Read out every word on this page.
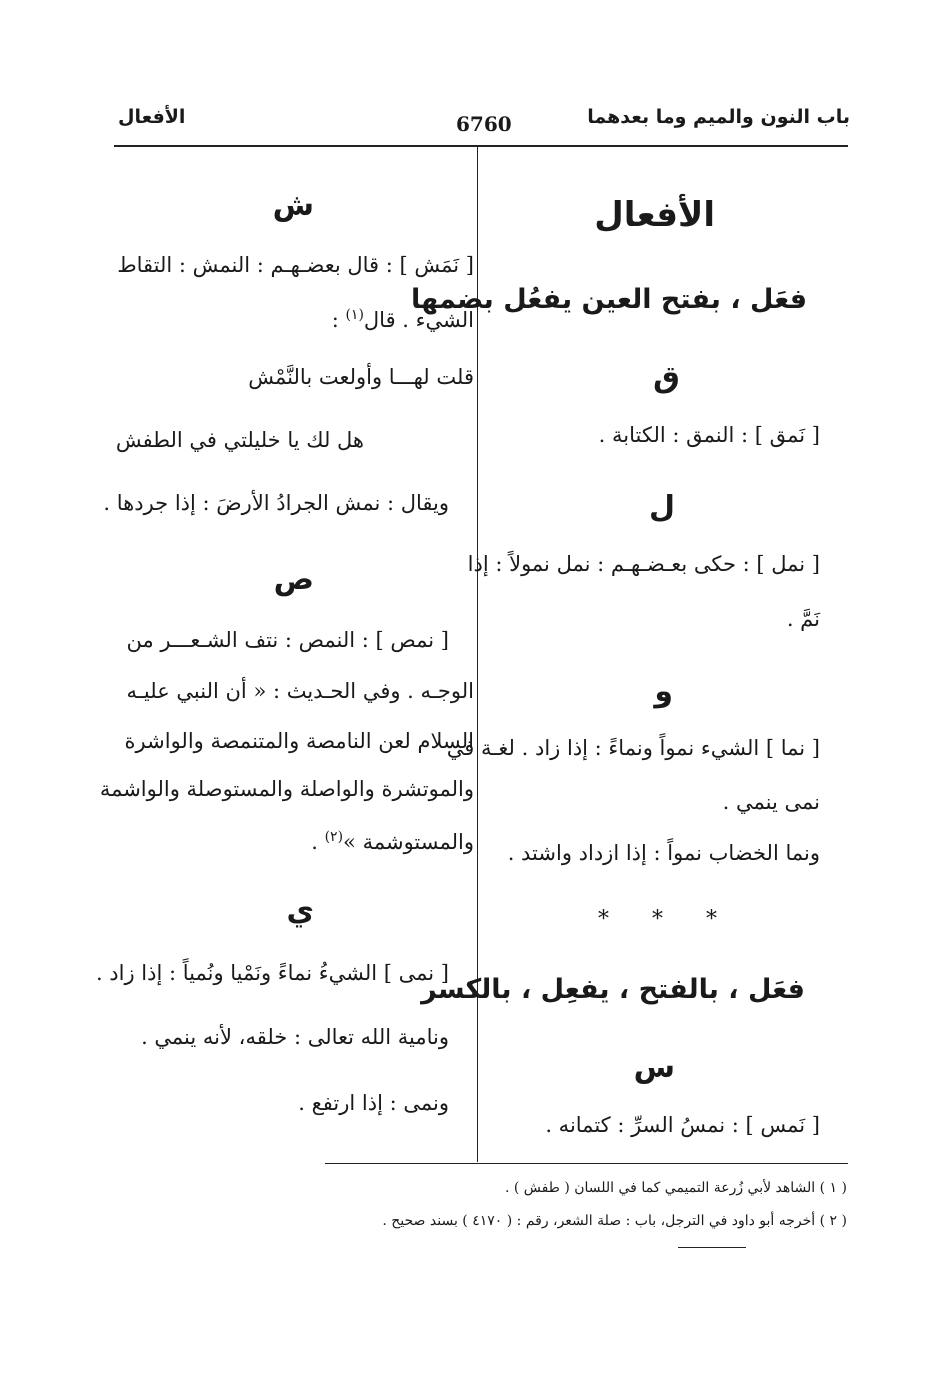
باب النون والميم وما بعدهما
6760
الأفعال
الأفعال
فعَل ، بفتح العين يفعُل بضمها
ق
[ نَمق ] : النمق : الكتابة .
ل
[ نمل ] : حكى بعـضـهـم : نمل نمولاً : إذا
نَمَّ .
و
[ نما ] الشيء نمواً ونماءً : إذا زاد . لغـة في
نمى ينمي .
ونما الخضاب نمواً : إذا ازداد واشتد .
* * *
فعَل ، بالفتح ، يفعِل ، بالكسر
س
[ نَمس ] : نمسُ السرِّ : كتمانه .
ش
[ نَمَش ] : قال بعضـهـم : النمش : التقاط
الشيء . قال$^{(١)}$ :
قلت لهـــا وأولعت بالنَّمْش
هل لك يا خليلتي في الطفش
ويقال : نمش الجرادُ الأرضَ : إذا جردها .
ص
[ نمص ] : النمص : نتف الشـعـــر من
الوجـه . وفي الحـديث : « أن النبي عليـه
السلام لعن النامصة والمتنمصة والواشرة
والموتشرة والواصلة والمستوصلة والواشمة
والمستوشمة »$^{(٢)}$ .
ي
[ نمى ] الشيءُ نماءً ونَمْيا ونُمياً : إذا زاد .
ونامية الله تعالى : خلقه، لأنه ينمي .
ونمى : إذا ارتفع .
( ١ ) الشاهد لأبي زُرعة التميمي كما في اللسان ( طفش ) .
( ٢ ) أخرجه أبو داود في الترجل، باب : صلة الشعر، رقم : ( ٤١٧٠ ) بسند صحيح .
